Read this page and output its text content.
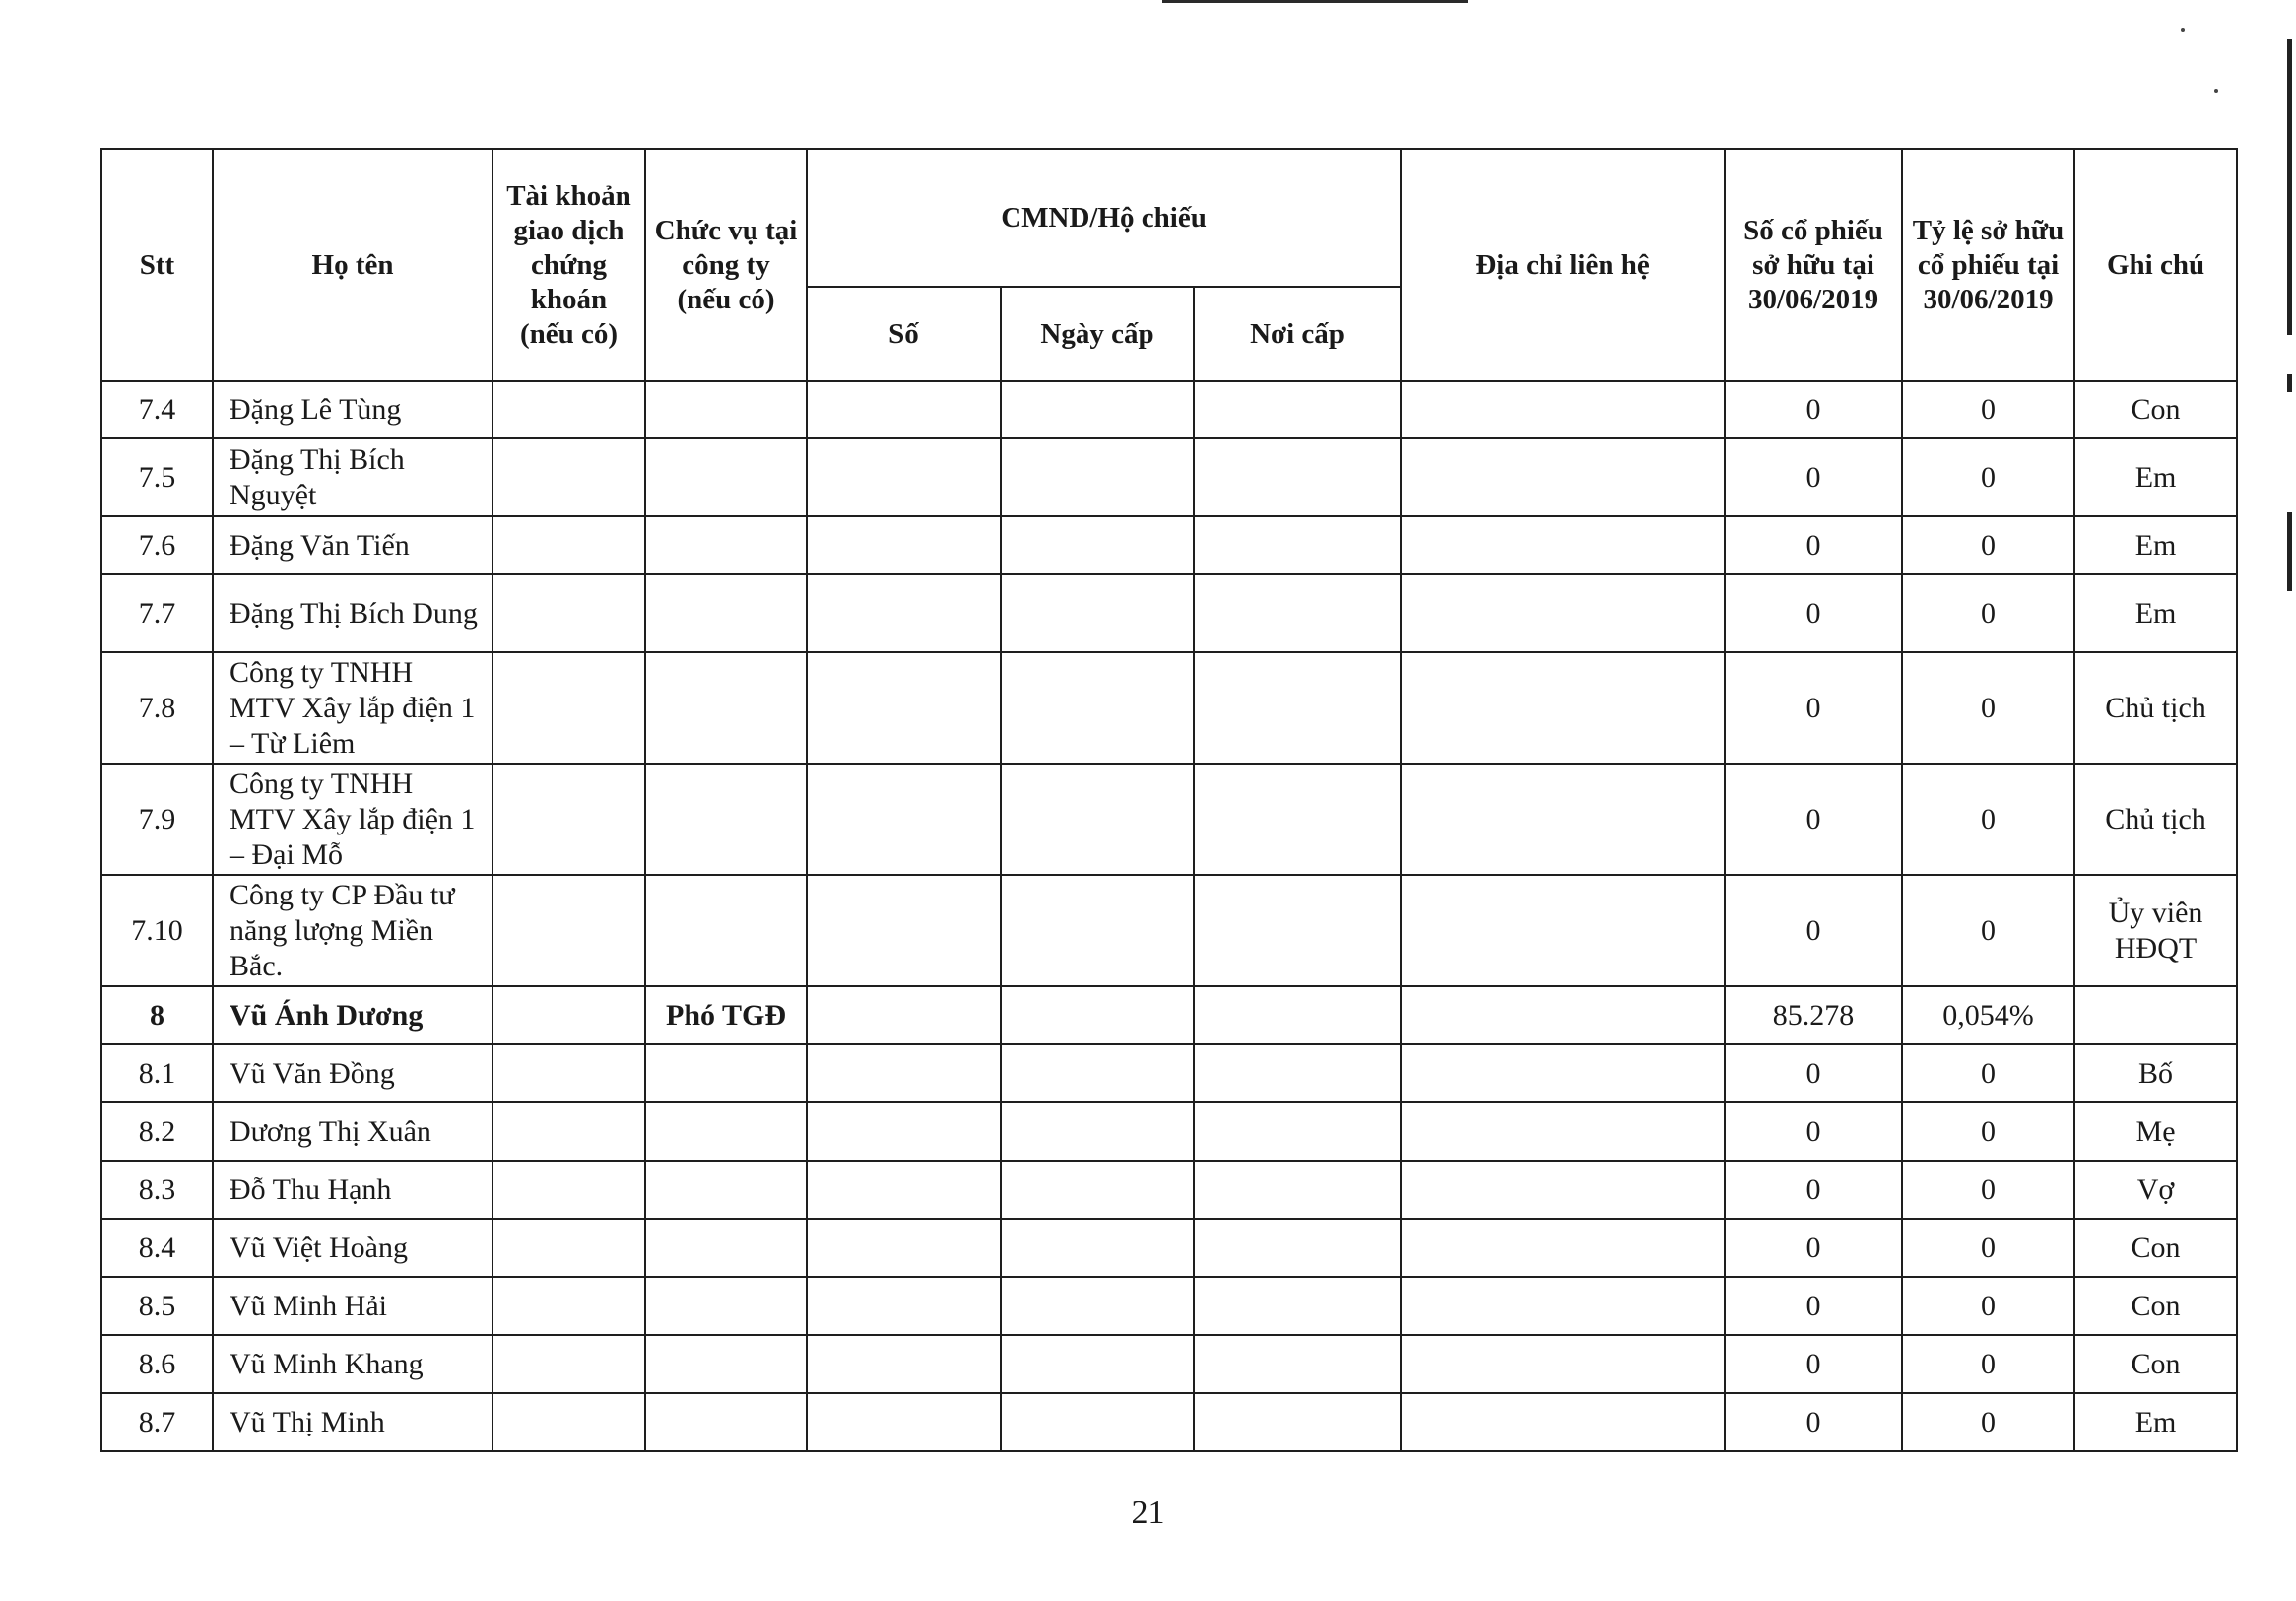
Stt	Họ tên	Tài khoản giao dịch chứng khoán (nếu có)	Chức vụ tại công ty (nếu có)	CMND/Hộ chiếu			Địa chỉ liên hệ	Số cổ phiếu sở hữu tại 30/06/2019	Tỷ lệ sở hữu cổ phiếu tại 30/06/2019	Ghi chú
				Số	Ngày cấp	Nơi cấp				
7.4	Đặng Lê Tùng							0	0	Con
7.5	Đặng Thị Bích Nguyệt							0	0	Em
7.6	Đặng Văn Tiến							0	0	Em
7.7	Đặng Thị Bích Dung							0	0	Em
7.8	Công ty TNHH MTV Xây lắp điện 1 – Từ Liêm							0	0	Chủ tịch
7.9	Công ty TNHH MTV Xây lắp điện 1 – Đại Mỗ							0	0	Chủ tịch
7.10	Công ty CP Đầu tư năng lượng Miền Bắc.							0	0	Ủy viên HĐQT
8	Vũ Ánh Dương		Phó TGĐ					85.278	0,054%	
8.1	Vũ Văn Đồng							0	0	Bố
8.2	Dương Thị Xuân							0	0	Mẹ
8.3	Đỗ Thu Hạnh							0	0	Vợ
8.4	Vũ Việt Hoàng							0	0	Con
8.5	Vũ Minh Hải							0	0	Con
8.6	Vũ Minh Khang							0	0	Con
8.7	Vũ Thị Minh							0	0	Em
21
